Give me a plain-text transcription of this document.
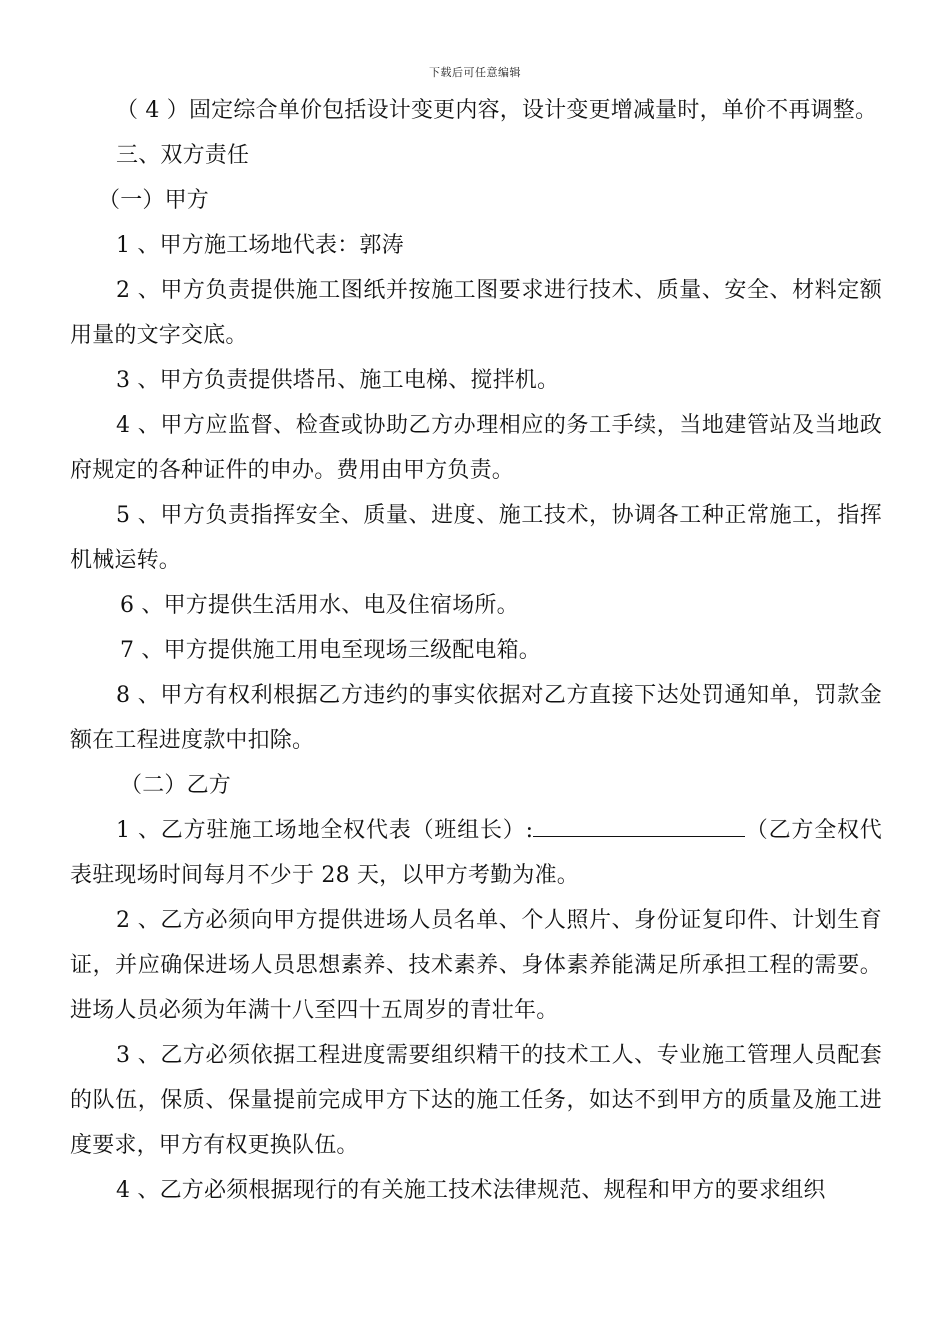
下载后可任意编辑

（ 4 ）固定综合单价包括设计变更内容，设计变更增减量时，单价不再调整。

三、双方责任

（一）甲方

1 、甲方施工场地代表：郭涛

2 、甲方负责提供施工图纸并按施工图要求进行技术、质量、安全、材料定额用量的文字交底。

3 、甲方负责提供塔吊、施工电梯、搅拌机。

4 、甲方应监督、检查或协助乙方办理相应的务工手续，当地建管站及当地政府规定的各种证件的申办。费用由甲方负责。

5 、甲方负责指挥安全、质量、进度、施工技术，协调各工种正常施工，指挥机械运转。

6 、甲方提供生活用水、电及住宿场所。

7 、甲方提供施工用电至现场三级配电箱。

8 、甲方有权利根据乙方违约的事实依据对乙方直接下达处罚通知单，罚款金额在工程进度款中扣除。

（二）乙方

1 、乙方驻施工场地全权代表（班组长）:	（乙方全权代表驻现场时间每月不少于 28 天，以甲方考勤为准。

2 、乙方必须向甲方提供进场人员名单、个人照片、身份证复印件、计划生育证，并应确保进场人员思想素养、技术素养、身体素养能满足所承担工程的需要。进场人员必须为年满十八至四十五周岁的青壮年。

3 、乙方必须依据工程进度需要组织精干的技术工人、专业施工管理人员配套的队伍，保质、保量提前完成甲方下达的施工任务，如达不到甲方的质量及施工进度要求，甲方有权更换队伍。

4 、乙方必须根据现行的有关施工技术法律规范、规程和甲方的要求组织
